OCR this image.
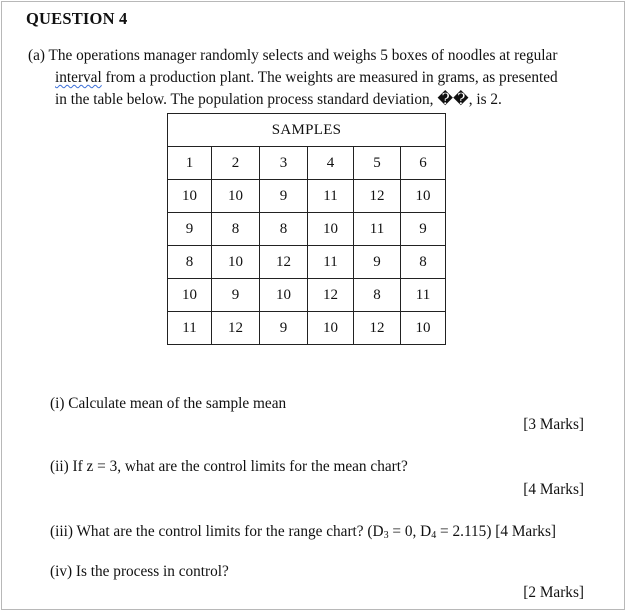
QUESTION 4
(a) The operations manager randomly selects and weighs 5 boxes of noodles at regular
interval from a production plant. The weights are measured in grams, as presented
in the table below. The population process standard deviation, ��, is 2.
SAMPLES					
1	2	3	4	5	6
10	10	9	11	12	10
9	8	8	10	11	9
8	10	12	11	9	8
10	9	10	12	8	11
11	12	9	10	12	10
(i) Calculate mean of the sample mean
[3 Marks]
(ii) If z = 3, what are the control limits for the mean chart?
[4 Marks]
(iii) What are the control limits for the range chart? ($D_3 = 0$, $D_4 = 2.115$) [4 Marks]
(iv) Is the process in control?
[2 Marks]
